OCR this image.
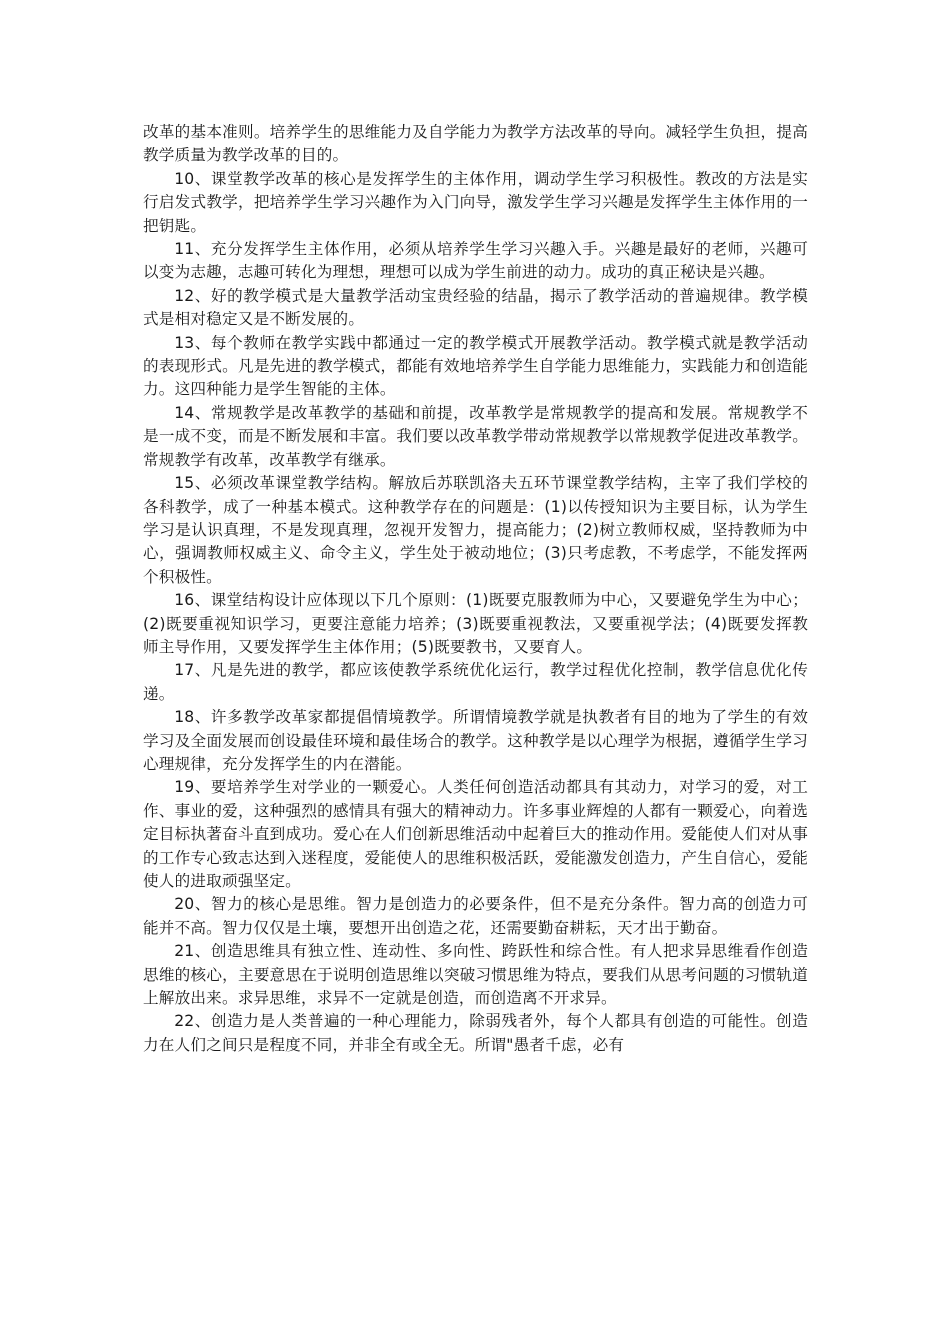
改革的基本准则。培养学生的思维能力及自学能力为教学方法改革的导向。减轻学生负担，提高教学质量为教学改革的目的。

10、课堂教学改革的核心是发挥学生的主体作用，调动学生学习积极性。教改的方法是实行启发式教学，把培养学生学习兴趣作为入门向导，激发学生学习兴趣是发挥学生主体作用的一把钥匙。

11、充分发挥学生主体作用，必须从培养学生学习兴趣入手。兴趣是最好的老师，兴趣可以变为志趣，志趣可转化为理想，理想可以成为学生前进的动力。成功的真正秘诀是兴趣。

12、好的教学模式是大量教学活动宝贵经验的结晶，揭示了教学活动的普遍规律。教学模式是相对稳定又是不断发展的。

13、每个教师在教学实践中都通过一定的教学模式开展教学活动。教学模式就是教学活动的表现形式。凡是先进的教学模式，都能有效地培养学生自学能力思维能力，实践能力和创造能力。这四种能力是学生智能的主体。

14、常规教学是改革教学的基础和前提，改革教学是常规教学的提高和发展。常规教学不是一成不变，而是不断发展和丰富。我们要以改革教学带动常规教学以常规教学促进改革教学。常规教学有改革，改革教学有继承。

15、必须改革课堂教学结构。解放后苏联凯洛夫五环节课堂教学结构，主宰了我们学校的各科教学，成了一种基本模式。这种教学存在的问题是：(1)以传授知识为主要目标，认为学生学习是认识真理，不是发现真理，忽视开发智力，提高能力；(2)树立教师权威，坚持教师为中心，强调教师权威主义、命令主义，学生处于被动地位；(3)只考虑教，不考虑学，不能发挥两个积极性。

16、课堂结构设计应体现以下几个原则：(1)既要克服教师为中心，又要避免学生为中心；(2)既要重视知识学习，更要注意能力培养；(3)既要重视教法，又要重视学法；(4)既要发挥教师主导作用，又要发挥学生主体作用；(5)既要教书，又要育人。

17、凡是先进的教学，都应该使教学系统优化运行，教学过程优化控制，教学信息优化传递。

18、许多教学改革家都提倡情境教学。所谓情境教学就是执教者有目的地为了学生的有效学习及全面发展而创设最佳环境和最佳场合的教学。这种教学是以心理学为根据，遵循学生学习心理规律，充分发挥学生的内在潜能。

19、要培养学生对学业的一颗爱心。人类任何创造活动都具有其动力，对学习的爱，对工作、事业的爱，这种强烈的感情具有强大的精神动力。许多事业辉煌的人都有一颗爱心，向着选定目标执著奋斗直到成功。爱心在人们创新思维活动中起着巨大的推动作用。爱能使人们对从事的工作专心致志达到入迷程度，爱能使人的思维积极活跃，爱能激发创造力，产生自信心，爱能使人的进取顽强坚定。

20、智力的核心是思维。智力是创造力的必要条件，但不是充分条件。智力高的创造力可能并不高。智力仅仅是土壤，要想开出创造之花，还需要勤奋耕耘，天才出于勤奋。

21、创造思维具有独立性、连动性、多向性、跨跃性和综合性。有人把求异思维看作创造思维的核心，主要意思在于说明创造思维以突破习惯思维为特点，要我们从思考问题的习惯轨道上解放出来。求异思维，求异不一定就是创造，而创造离不开求异。

22、创造力是人类普遍的一种心理能力，除弱残者外，每个人都具有创造的可能性。创造力在人们之间只是程度不同，并非全有或全无。所谓"愚者千虑，必有
